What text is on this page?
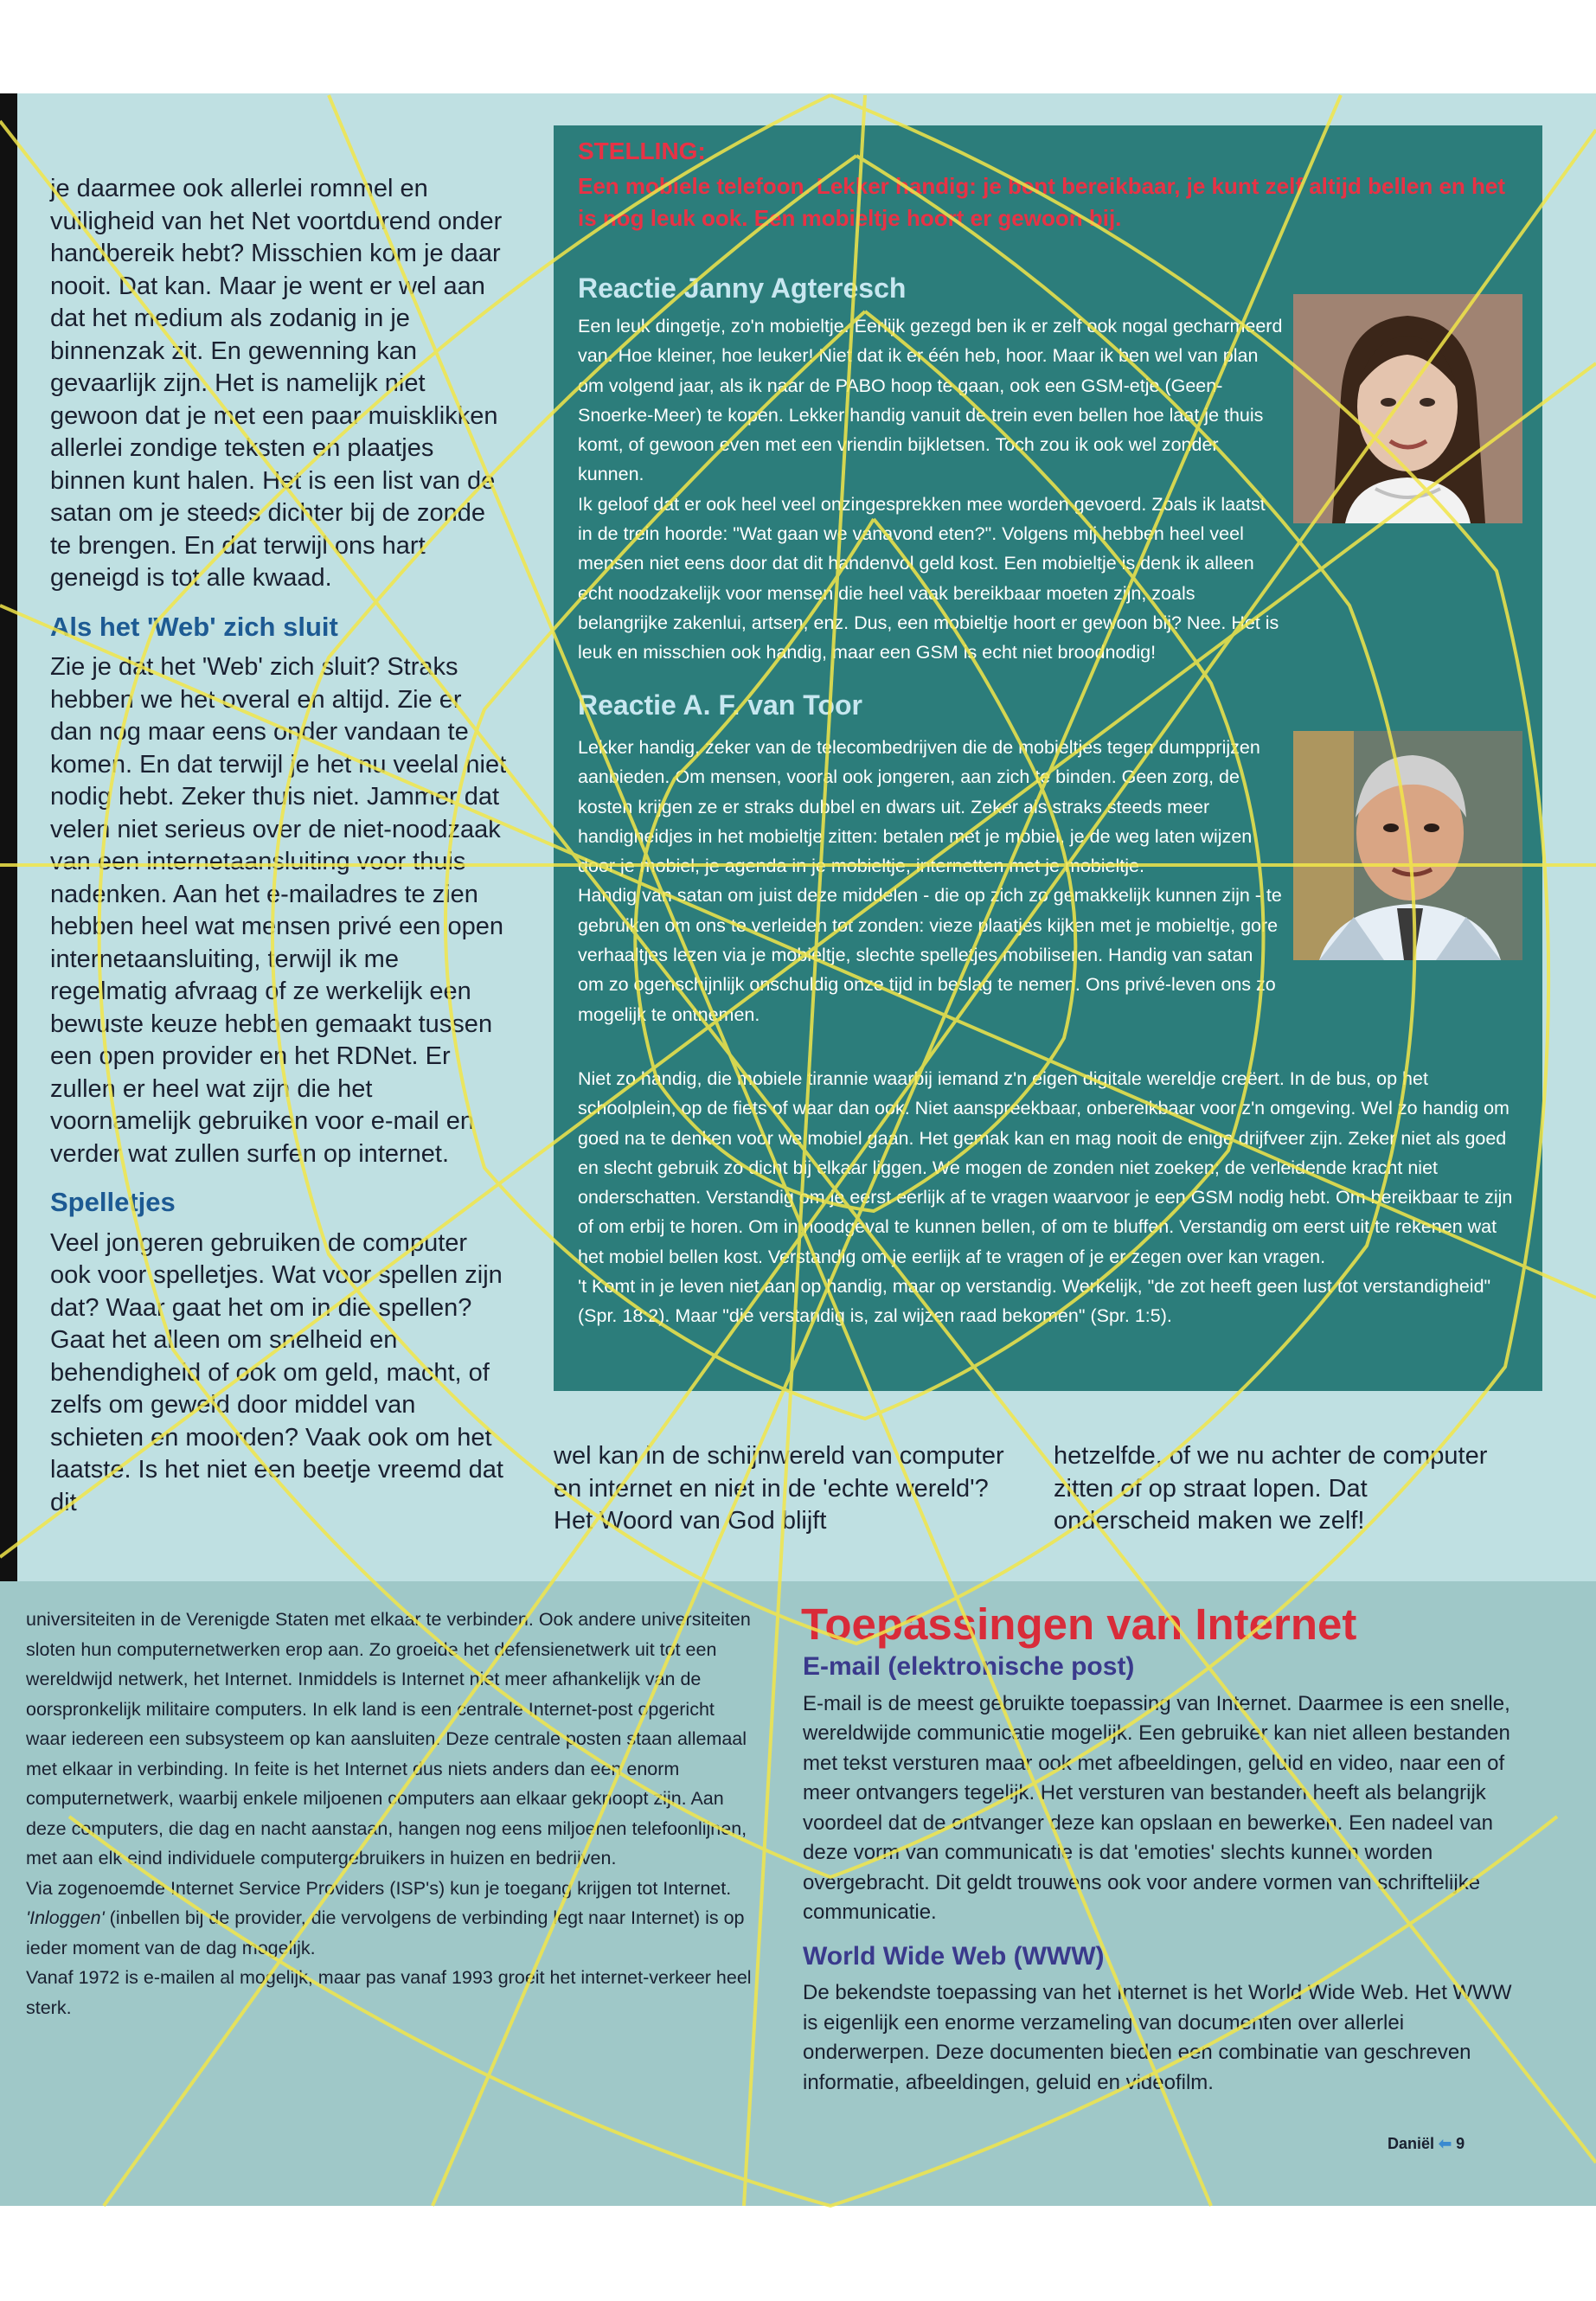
je daarmee ook allerlei rommel en vuiligheid van het Net voortdurend onder handbereik hebt? Misschien kom je daar nooit. Dat kan. Maar je went er wel aan dat het medium als zodanig in je binnenzak zit. En gewenning kan gevaarlijk zijn. Het is namelijk niet gewoon dat je met een paar muisklikken allerlei zondige teksten en plaatjes binnen kunt halen. Het is een list van de satan om je steeds dichter bij de zonde te brengen. En dat terwijl ons hart geneigd is tot alle kwaad.

Als het 'Web' zich sluit

Zie je dat het 'Web' zich sluit? Straks hebben we het overal en altijd. Zie er dan nog maar eens onder vandaan te komen. En dat terwijl je het nu veelal niet nodig hebt. Zeker thuis niet. Jammer dat velen niet serieus over de niet-noodzaak van een internetaansluiting voor thuis nadenken. Aan het e-mailadres te zien hebben heel wat mensen privé een open internetaansluiting, terwijl ik me regelmatig afvraag of ze werkelijk een bewuste keuze hebben gemaakt tussen een open provider en het RDNet. Er zullen er heel wat zijn die het voornamelijk gebruiken voor e-mail en verder wat zullen surfen op internet.

Spelletjes

Veel jongeren gebruiken de computer ook voor spelletjes. Wat voor spellen zijn dat? Waar gaat het om in die spellen? Gaat het alleen om snelheid en behendigheid of ook om geld, macht, of zelfs om geweld door middel van schieten en moorden? Vaak ook om het laatste. Is het niet een beetje vreemd dat dit

STELLING:
Een mobiele telefoon. Lekker handig: je bent bereikbaar, je kunt zelf altijd bellen en het is nog leuk ook. Een mobieltje hoort er gewoon bij.
Reactie Janny Agteresch

Een leuk dingetje, zo'n mobieltje. Eerlijk gezegd ben ik er zelf ook nogal gecharmeerd van. Hoe kleiner, hoe leuker! Niet dat ik er één heb, hoor. Maar ik ben wel van plan om volgend jaar, als ik naar de PABO hoop te gaan, ook een GSM-etje (Geen-Snoerke-Meer) te kopen. Lekker handig vanuit de trein even bellen hoe laat je thuis komt, of gewoon even met een vriendin bijkletsen. Toch zou ik ook wel zonder kunnen.

Ik geloof dat er ook heel veel onzingesprekken mee worden gevoerd. Zoals ik laatst in de trein hoorde: "Wat gaan we vanavond eten?". Volgens mij hebben heel veel mensen niet eens door dat dit handenvol geld kost. Een mobieltje is denk ik alleen echt noodzakelijk voor mensen die heel vaak bereikbaar moeten zijn, zoals belangrijke zakenlui, artsen, enz. Dus, een mobieltje hoort er gewoon bij? Nee. Het is leuk en misschien ook handig, maar een GSM is echt niet broodnodig!

Reactie A. F. van Toor

Lekker handig, zeker van de telecombedrijven die de mobieltjes tegen dumpprijzen aanbieden. Om mensen, vooral ook jongeren, aan zich te binden. Geen zorg, de kosten krijgen ze er straks dubbel en dwars uit. Zeker als straks steeds meer handigheidjes in het mobieltje zitten: betalen met je mobiel, je de weg laten wijzen door je mobiel, je agenda in je mobieltje, internetten met je mobieltje.

Handig van satan om juist deze middelen - die op zich zo gemakkelijk kunnen zijn - te gebruiken om ons te verleiden tot zonden: vieze plaatjes kijken met je mobieltje, gore verhaaltjes lezen via je mobieltje, slechte spelletjes mobiliseren. Handig van satan om zo ogenschijnlijk onschuldig onze tijd in beslag te nemen. Ons privé-leven ons zo mogelijk te ontnemen.

Niet zo handig, die mobiele tirannie waarbij iemand z'n eigen digitale wereldje creëert. In de bus, op het schoolplein, op de fiets of waar dan ook. Niet aanspreekbaar, onbereikbaar voor z'n omgeving. Wel zo handig om goed na te denken voor we mobiel gaan. Het gemak kan en mag nooit de enige drijfveer zijn. Zeker niet als goed en slecht gebruik zo dicht bij elkaar liggen. We mogen de zonden niet zoeken; de verleidende kracht niet onderschatten. Verstandig om je eerst eerlijk af te vragen waarvoor je een GSM nodig hebt. Om bereikbaar te zijn of om erbij te horen. Om in noodgeval te kunnen bellen, of om te bluffen. Verstandig om eerst uit te rekenen wat het mobiel bellen kost. Verstandig om je eerlijk af te vragen of je er zegen over kan vragen.

't Komt in je leven niet aan op handig, maar op verstandig. Werkelijk, "de zot heeft geen lust tot verstandigheid" (Spr. 18:2). Maar "die verstandig is, zal wijzen raad bekomen" (Spr. 1:5).

wel kan in de schijnwereld van computer en internet en niet in de 'echte wereld'? Het Woord van God blijft

hetzelfde, of we nu achter de computer zitten of op straat lopen. Dat onderscheid maken we zelf!

universiteiten in de Verenigde Staten met elkaar te verbinden. Ook andere universiteiten sloten hun computernetwerken erop aan. Zo groeide het defensienetwerk uit tot een wereldwijd netwerk, het Internet. Inmiddels is Internet niet meer afhankelijk van de oorspronkelijk militaire computers. In elk land is een centrale Internet-post opgericht waar iedereen een subsysteem op kan aansluiten. Deze centrale posten staan allemaal met elkaar in verbinding. In feite is het Internet dus niets anders dan een enorm computernetwerk, waarbij enkele miljoenen computers aan elkaar geknoopt zijn. Aan deze computers, die dag en nacht aanstaan, hangen nog eens miljoenen telefoonlijnen, met aan elk eind individuele computergebruikers in huizen en bedrijven.

Via zogenoemde Internet Service Providers (ISP's) kun je toegang krijgen tot Internet. 'Inloggen' (inbellen bij de provider, die vervolgens de verbinding legt naar Internet) is op ieder moment van de dag mogelijk.

Vanaf 1972 is e-mailen al mogelijk, maar pas vanaf 1993 groeit het internet-verkeer heel sterk.

Toepassingen van Internet
E-mail (elektronische post)

E-mail is de meest gebruikte toepassing van Internet. Daarmee is een snelle, wereldwijde communicatie mogelijk. Een gebruiker kan niet alleen bestanden met tekst versturen maar ook met afbeeldingen, geluid en video, naar een of meer ontvangers tegelijk. Het versturen van bestanden heeft als belangrijk voordeel dat de ontvanger deze kan opslaan en bewerken. Een nadeel van deze vorm van communicatie is dat 'emoties' slechts kunnen worden overgebracht. Dit geldt trouwens ook voor andere vormen van schriftelijke communicatie.

World Wide Web (WWW)

De bekendste toepassing van het Internet is het World Wide Web. Het WWW is eigenlijk een enorme verzameling van documenten over allerlei onderwerpen. Deze documenten bieden een combinatie van geschreven informatie, afbeeldingen, geluid en videofilm.

Daniël ⬅ 9
